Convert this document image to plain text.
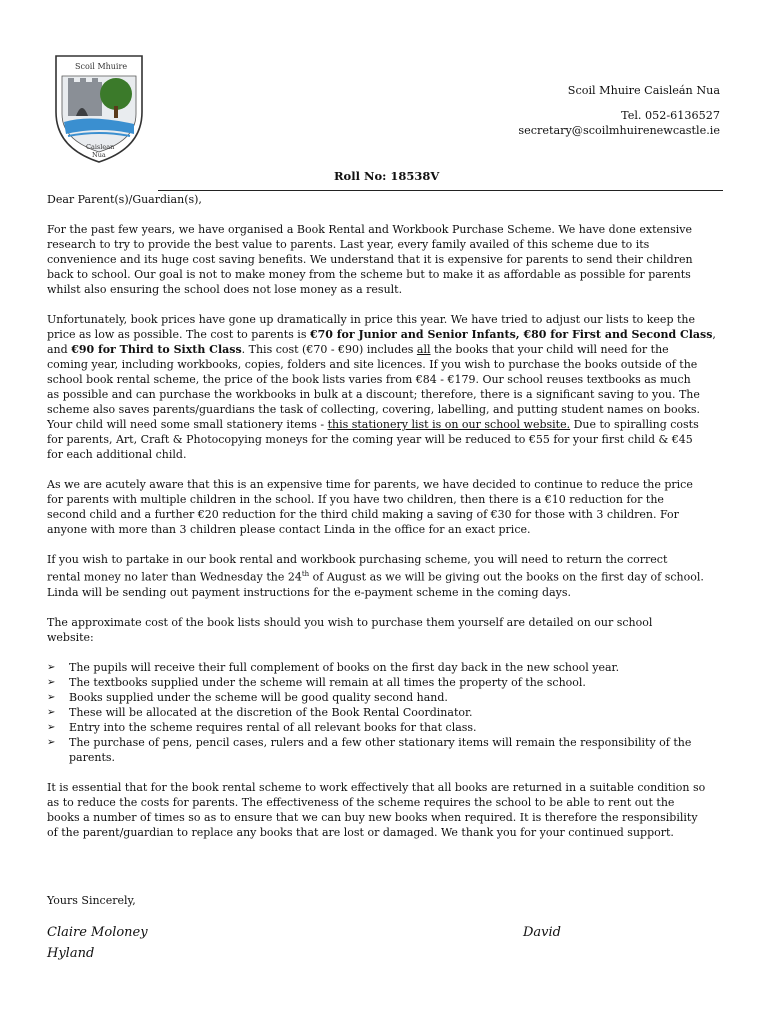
Scoil Mhuire
Caislean
Nua
Scoil Mhuire Caisleán Nua
Tel. 052-6136527
secretary@scoilmhuirenewcastle.ie
Roll No: 18538V

Dear Parent(s)/Guardian(s),

For the past few years, we have organised a Book Rental and Workbook Purchase Scheme. We have done extensive
research to try to provide the best value to parents. Last year, every family availed of this scheme due to its
convenience and its huge cost saving benefits. We understand that it is expensive for parents to send their children
back to school. Our goal is not to make money from the scheme but to make it as affordable as possible for parents
whilst also ensuring the school does not lose money as a result.

Unfortunately, book prices have gone up dramatically in price this year. We have tried to adjust our lists to keep the
price as low as possible. The cost to parents is €70 for Junior and Senior Infants, €80 for First and Second Class,
and €90 for Third to Sixth Class. This cost (€70 - €90) includes all the books that your child will need for the
coming year, including workbooks, copies, folders and site licences. If you wish to purchase the books outside of the
school book rental scheme, the price of the book lists varies from €84 - €179. Our school reuses textbooks as much
as possible and can purchase the workbooks in bulk at a discount; therefore, there is a significant saving to you. The
scheme also saves parents/guardians the task of collecting, covering, labelling, and putting student names on books.
Your child will need some small stationery items - this stationery list is on our school website. Due to spiralling costs
for parents, Art, Craft & Photocopying moneys for the coming year will be reduced to €55 for your first child & €45
for each additional child.

As we are acutely aware that this is an expensive time for parents, we have decided to continue to reduce the price
for parents with multiple children in the school. If you have two children, then there is a €10 reduction for the
second child and a further €20 reduction for the third child making a saving of €30 for those with 3 children. For
anyone with more than 3 children please contact Linda in the office for an exact price.

If you wish to partake in our book rental and workbook purchasing scheme, you will need to return the correct
rental money no later than Wednesday the 24th of August as we will be giving out the books on the first day of school.
Linda will be sending out payment instructions for the e-payment scheme in the coming days.

The approximate cost of the book lists should you wish to purchase them yourself are detailed on our school
website:

➢ The pupils will receive their full complement of books on the first day back in the new school year.
➢ The textbooks supplied under the scheme will remain at all times the property of the school.
➢ Books supplied under the scheme will be good quality second hand.
➢ These will be allocated at the discretion of the Book Rental Coordinator.
➢ Entry into the scheme requires rental of all relevant books for that class.
➢ The purchase of pens, pencil cases, rulers and a few other stationary items will remain the responsibility of the
parents.

It is essential that for the book rental scheme to work effectively that all books are returned in a suitable condition so
as to reduce the costs for parents. The effectiveness of the scheme requires the school to be able to rent out the
books a number of times so as to ensure that we can buy new books when required. It is therefore the responsibility
of the parent/guardian to replace any books that are lost or damaged. We thank you for your continued support.

Yours Sincerely,
Claire Moloney
Hyland
David
